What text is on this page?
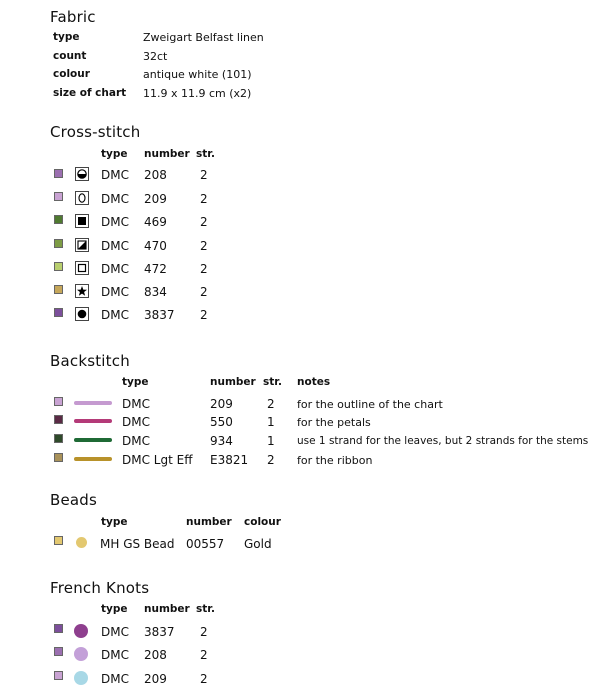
Fabric
type	Zweigart Belfast linen
count	32ct
colour	antique white (101)
size of chart 11.9 x 11.9 cm (x2)
Cross-stitch
type number str.
DMC 208	2
DMC 209	2
DMC 469	2
DMC 470	2
DMC 472	2
DMC 834	2
DMC 3837 2
Backstitch
type	number str. notes
DMC	209	2 for the outline of the chart
DMC	550	1 for the petals
DMC	934	1 use 1 strand for the leaves, but 2 strands for the stems
DMC Lgt Eff E3821 2 for the ribbon
Beads
type	number colour
MH GS Bead 00557 Gold
French Knots
type number str.
DMC 3837 2
DMC 208	2
DMC 209	2
